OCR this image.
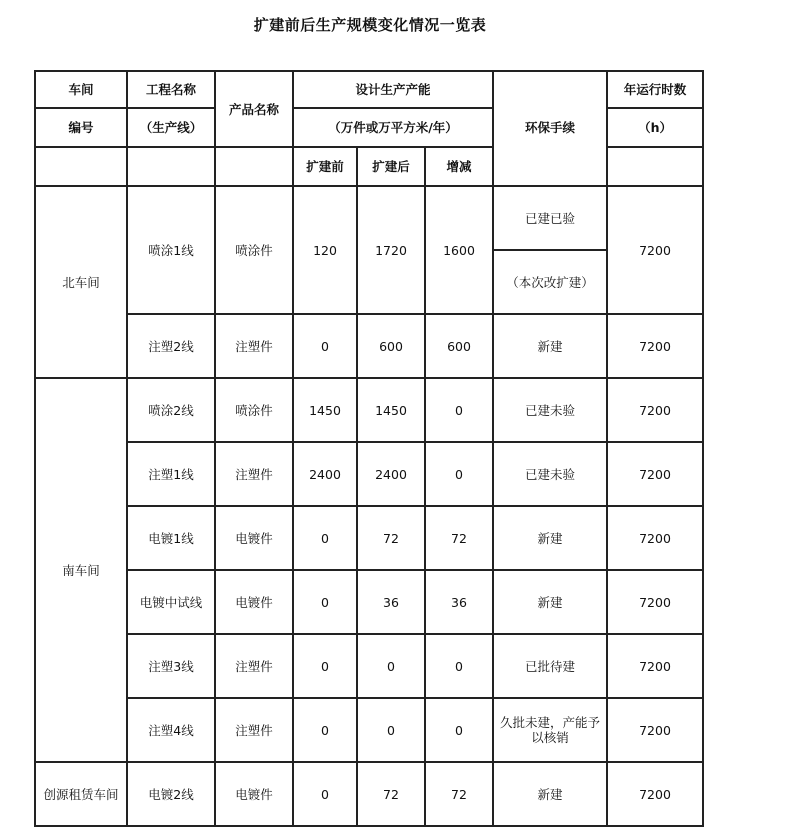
扩建前后生产规模变化情况一览表
车间	工程名称	产品名称	设计生产产能				年运行时数
编号	（生产线）		（万件或万平方米/年）			环保手续	（h）
			扩建前	扩建后	增减		
北车间	喷涂1线	喷涂件	120	1720	1600	已建已验	7200
						（本次改扩建）	
	注塑2线	注塑件	0	600	600	新建	7200
南车间	喷涂2线	喷涂件	1450	1450	0	已建未验	7200
	注塑1线	注塑件	2400	2400	0	已建未验	7200
	电镀1线	电镀件	0	72	72	新建	7200
	电镀中试线	电镀件	0	36	36	新建	7200
	注塑3线	注塑件	0	0	0	已批待建	7200
	注塑4线	注塑件	0	0	0	久批未建，产能予以核销	7200
创源租赁车间	电镀2线	电镀件	0	72	72	新建	7200
